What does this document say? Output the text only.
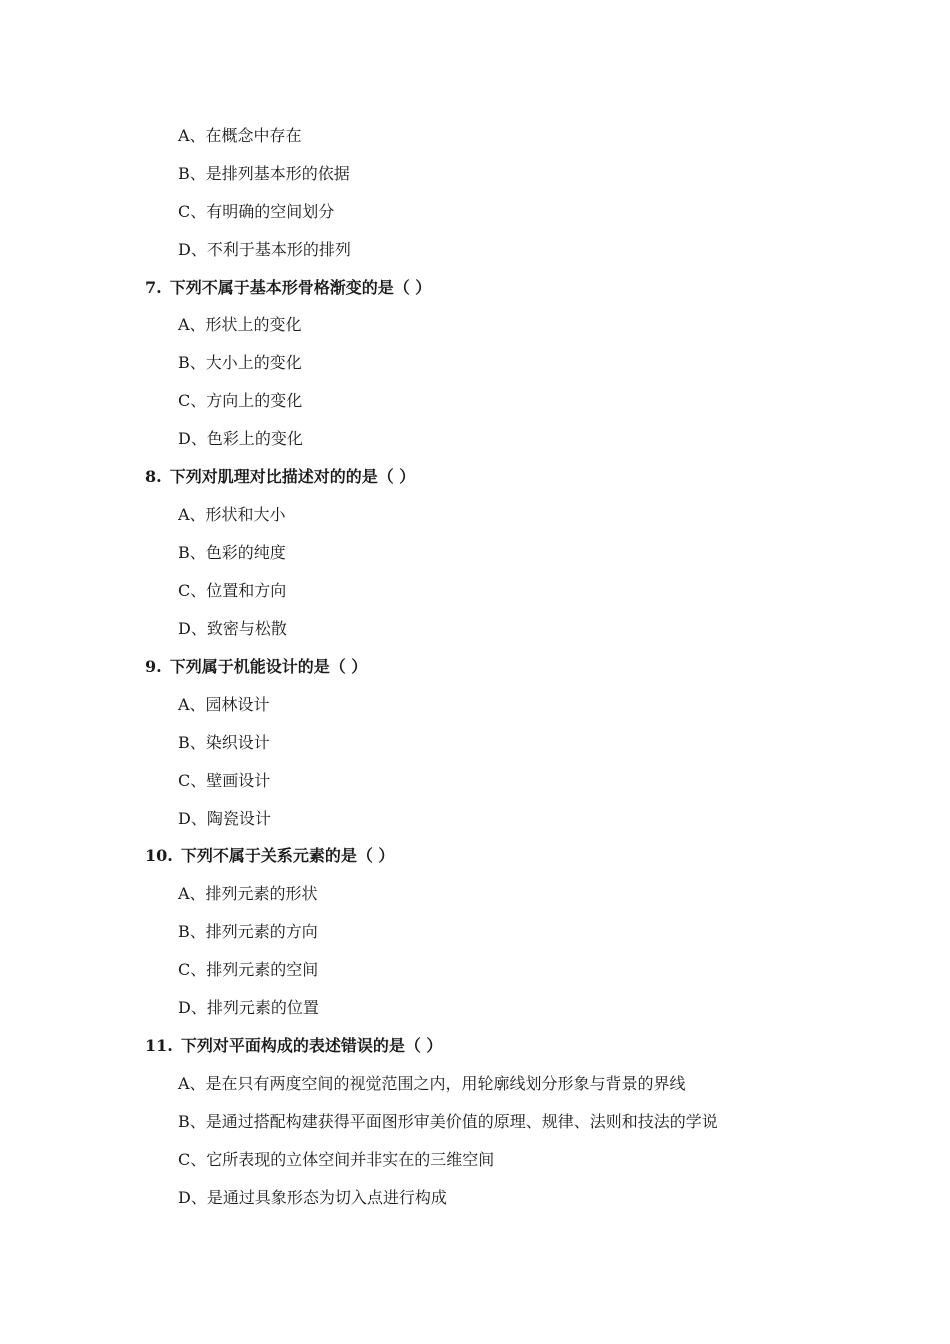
A、在概念中存在
B、是排列基本形的依据
C、有明确的空间划分
D、不利于基本形的排列
7. 下列不属于基本形骨格渐变的是（ ）
A、形状上的变化
B、大小上的变化
C、方向上的变化
D、色彩上的变化
8. 下列对肌理对比描述对的的是（ ）
A、形状和大小
B、色彩的纯度
C、位置和方向
D、致密与松散
9. 下列属于机能设计的是（ ）
A、园林设计
B、染织设计
C、壁画设计
D、陶瓷设计
10. 下列不属于关系元素的是（ ）
A、排列元素的形状
B、排列元素的方向
C、排列元素的空间
D、排列元素的位置
11. 下列对平面构成的表述错误的是（ ）
A、是在只有两度空间的视觉范围之内，用轮廓线划分形象与背景的界线
B、是通过搭配构建获得平面图形审美价值的原理、规律、法则和技法的学说
C、它所表现的立体空间并非实在的三维空间
D、是通过具象形态为切入点进行构成
